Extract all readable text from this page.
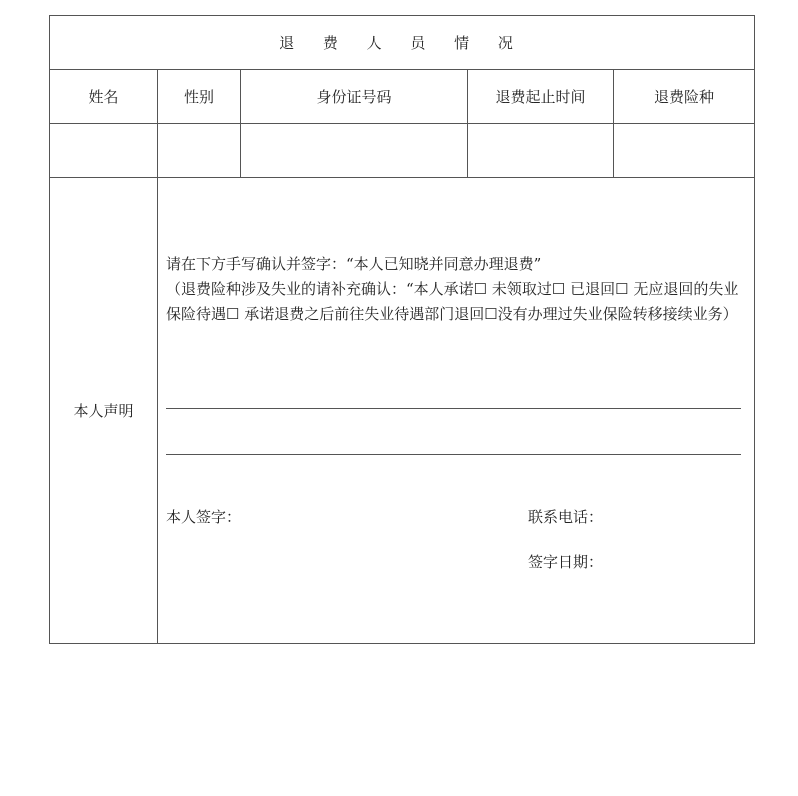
退 费 人 员 情 况				
姓名	性别	身份证号码	退费起止时间	退费险种

本人声明	请在下方手写确认并签字：“本人已知晓并同意办理退费”
（退费险种涉及失业的请补充确认：“本人承诺☐ 未领取过☐ 已退回☐ 无应退回的失业保险待遇☐ 承诺退费之后前往失业待遇部门退回☐没有办理过失业保险转移接续业务）
本人签字： 联系电话：
签字日期：			
